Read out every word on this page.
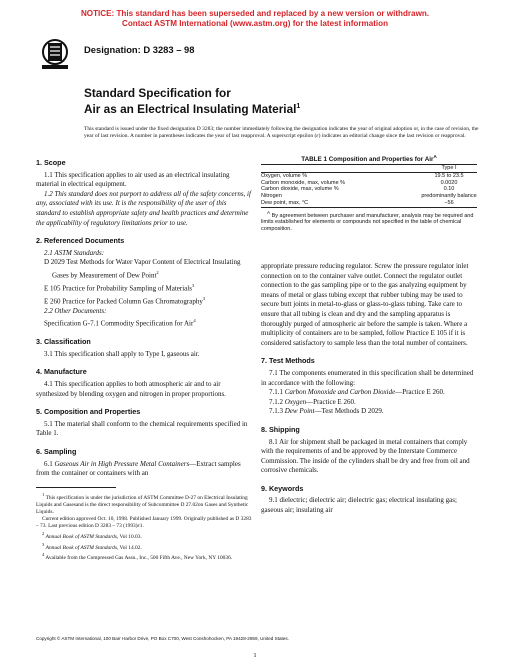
NOTICE: This standard has been superseded and replaced by a new version or withdrawn.
Contact ASTM International (www.astm.org) for the latest information
Designation: D 3283 – 98
Standard Specification for
Air as an Electrical Insulating Material$^1$
This standard is issued under the fixed designation D 3283; the number immediately following the designation indicates the year of original adoption or, in the case of revision, the year of last revision. A number in parentheses indicates the year of last reapproval. A superscript epsilon (ε) indicates an editorial change since the last revision or reapproval.

1. Scope

1.1 This specification applies to air used as an electrical insulating material in electrical equipment.

1.2 This standard does not purport to address all of the safety concerns, if any, associated with its use. It is the responsibility of the user of this standard to establish appropriate safety and health practices and determine the applicability of regulatory limitations prior to use.

2. Referenced Documents

2.1 ASTM Standards:

D 2029 Test Methods for Water Vapor Content of Electrical Insulating Gases by Measurement of Dew Point$^2$

E 105 Practice for Probability Sampling of Materials$^3$

E 260 Practice for Packed Column Gas Chromatography$^3$

2.2 Other Documents:

Specification G-7.1 Commodity Specification for Air$^4$

3. Classification

3.1 This specification shall apply to Type I, gaseous air.

4. Manufacture

4.1 This specification applies to both atmospheric air and to air synthesized by blending oxygen and nitrogen in proper proportions.

5. Composition and Properties

5.1 The material shall conform to the chemical requirements specified in Table 1.

6. Sampling

6.1 Gaseous Air in High Pressure Metal Containers—Extract samples from the container or containers with an

$^1$ This specification is under the jurisdiction of ASTM Committee D-27 on Electrical Insulating Liquids and Gasesand is the direct responsibility of Subcommittee D 27.02on Gases and Synthetic Liquids.

Current edition approved Oct. 10, 1998. Published January 1999. Originally published as D 3283 – 73. Last previous edition D 3283 – 73 (1993)ε1.

$^2$ Annual Book of ASTM Standards, Vol 10.03.

$^3$ Annual Book of ASTM Standards, Vol 14.02.

$^4$ Available from the Compressed Gas Assn., Inc., 500 Fifth Ave., New York, NY 10036.

TABLE 1 Composition and Properties for Air$^A$
Type I
Oxygen, volume %	19.5 to 23.5
Carbon monoxide, max, volume %	0.0020
Carbon dioxide, max, volume %	0.10
Nitrogen	predominantly balance
Dew point, max, °C	−56
$^A$ By agreement between purchaser and manufacturer, analysis may be required and limits established for elements or compounds not specified in the table of chemical composition.

appropriate pressure reducing regulator. Screw the pressure regulator inlet connection on to the container valve outlet. Connect the regulator outlet connection to the gas sampling pipe or to the gas analyzing equipment by means of metal or glass tubing except that rubber tubing may be used to secure butt joints in metal-to-glass or glass-to-glass tubing. Take care to ensure that all tubing is clean and dry and the sampling apparatus is thoroughly purged of atmospheric air before the sample is taken. Where a multiplicity of containers are to be sampled, follow Practice E 105 if it is considered satisfactory to sample less than the total number of containers.

7. Test Methods

7.1 The components enumerated in this specification shall be determined in accordance with the following:

7.1.1 Carbon Monoxide and Carbon Dioxide—Practice E 260.

7.1.2 Oxygen—Practice E 260.

7.1.3 Dew Point—Test Methods D 2029.

8. Shipping

8.1 Air for shipment shall be packaged in metal containers that comply with the requirements of and be approved by the Interstate Commerce Commission. The inside of the cylinders shall be dry and free from oil and corrosive chemicals.

9. Keywords

9.1 dielectric; dielectric air; dielectric gas; electrical insulating gas; gaseous air; insulating air

Copyright © ASTM International, 100 Barr Harbor Drive, PO Box C700, West Conshohocken, PA 19428-2959, United States.
1
